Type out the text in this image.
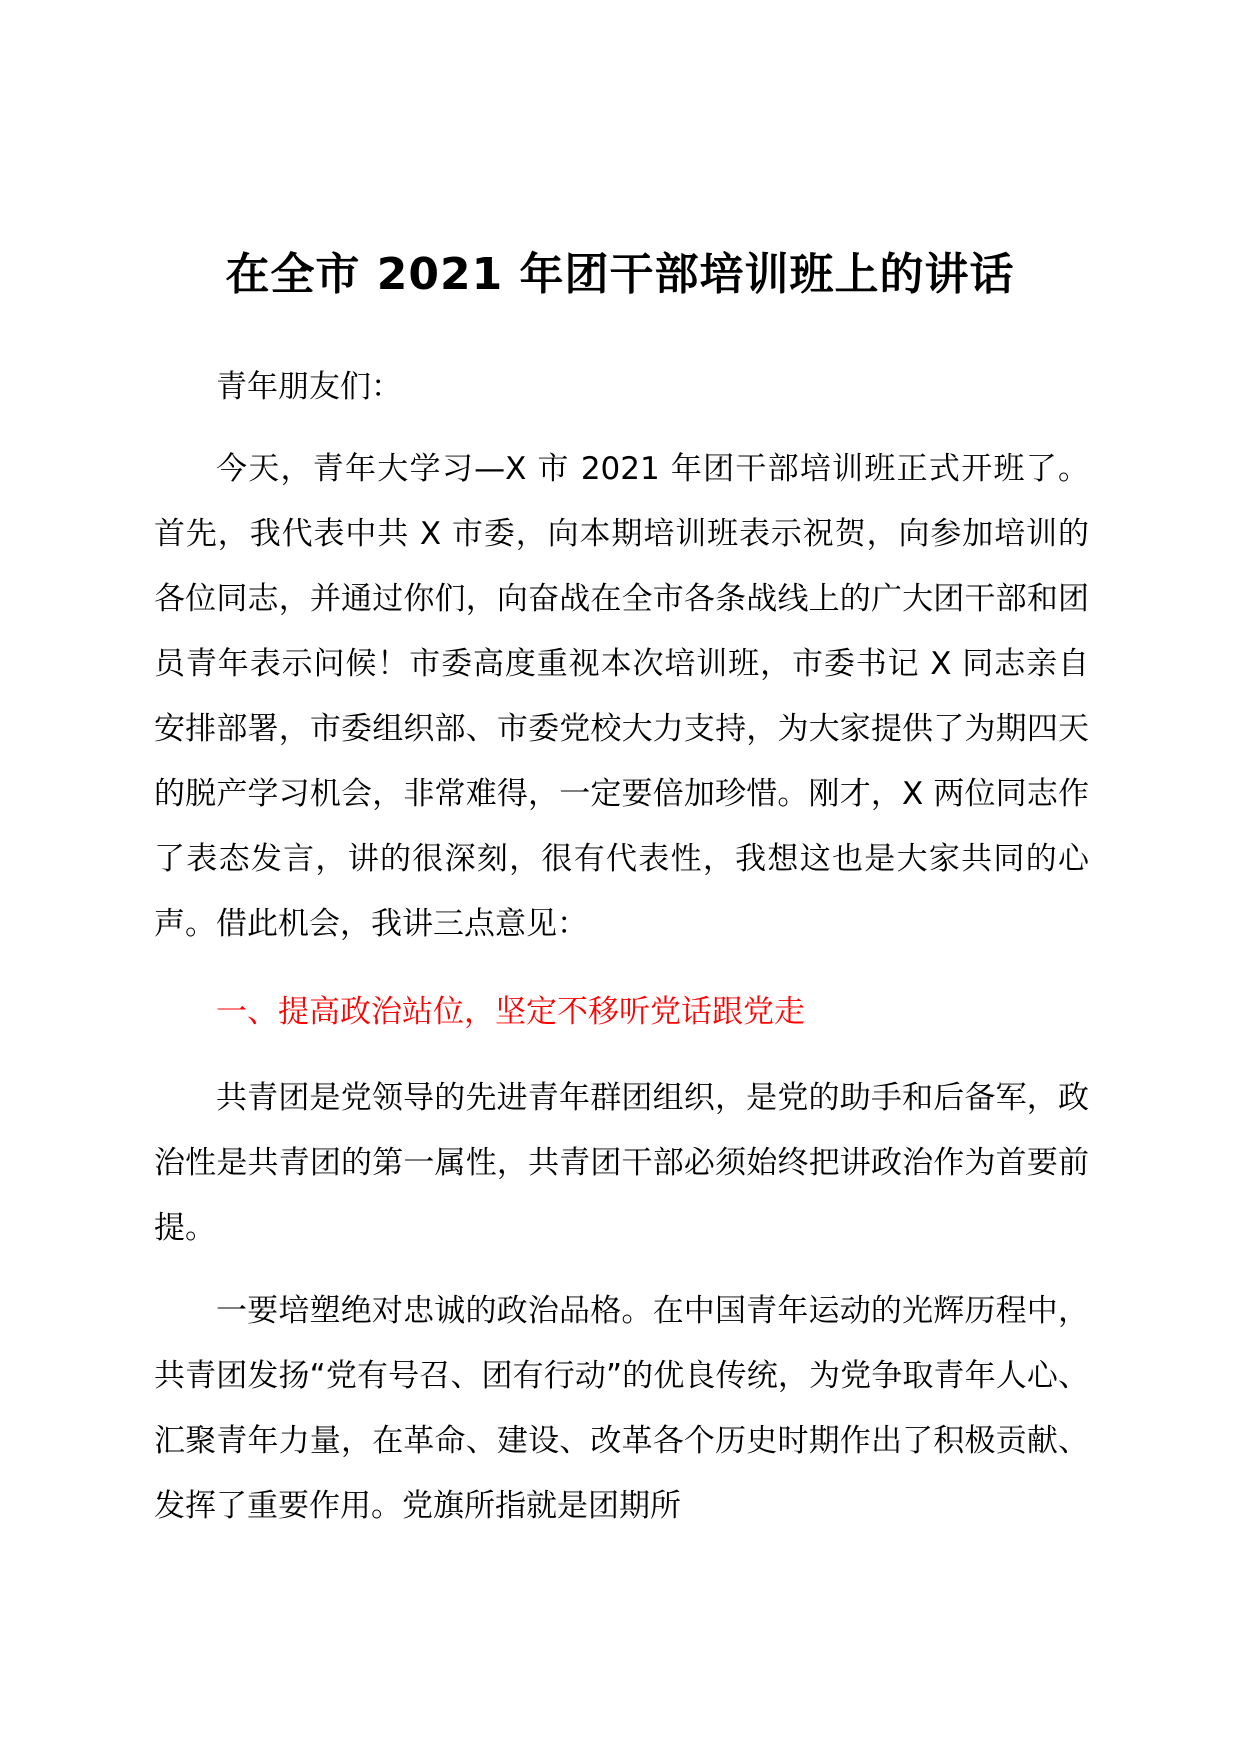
在全市 2021 年团干部培训班上的讲话

青年朋友们：

今天，青年大学习—X 市 2021 年团干部培训班正式开班了。首先，我代表中共 X 市委，向本期培训班表示祝贺，向参加培训的各位同志，并通过你们，向奋战在全市各条战线上的广大团干部和团员青年表示问候！市委高度重视本次培训班，市委书记 X 同志亲自安排部署，市委组织部、市委党校大力支持，为大家提供了为期四天的脱产学习机会，非常难得，一定要倍加珍惜。刚才，X 两位同志作了表态发言，讲的很深刻，很有代表性，我想这也是大家共同的心声。借此机会，我讲三点意见：

一、提高政治站位，坚定不移听党话跟党走

共青团是党领导的先进青年群团组织，是党的助手和后备军，政治性是共青团的第一属性，共青团干部必须始终把讲政治作为首要前提。

一要培塑绝对忠诚的政治品格。在中国青年运动的光辉历程中，共青团发扬“党有号召、团有行动”的优良传统，为党争取青年人心、汇聚青年力量，在革命、建设、改革各个历史时期作出了积极贡献、发挥了重要作用。党旗所指就是团期所
